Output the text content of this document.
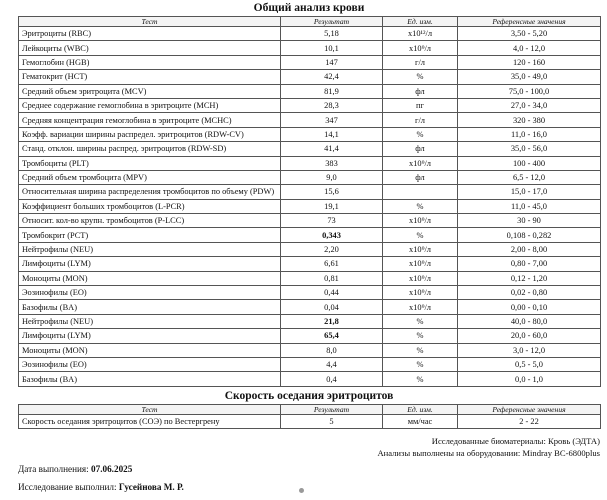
Общий анализ крови
Тест	Результат	Ед. изм.	Референсные значения
Эритроциты (RBC)	5,18	x10¹²/л	3,50 - 5,20
Лейкоциты (WBC)	10,1	x10⁹/л	4,0 - 12,0
Гемоглобин (HGB)	147	г/л	120 - 160
Гематокрит (HCT)	42,4	%	35,0 - 49,0
Средний объем эритроцита (MCV)	81,9	фл	75,0 - 100,0
Среднее содержание гемоглобина в эритроците (MCH)	28,3	пг	27,0 - 34,0
Средняя концентрация гемоглобина в эритроците (MCHC)	347	г/л	320 - 380
Коэфф. вариации ширины распредел. эритроцитов (RDW-CV)	14,1	%	11,0 - 16,0
Станд. отклон. ширины распред. эритроцитов (RDW-SD)	41,4	фл	35,0 - 56,0
Тромбоциты (PLT)	383	x10⁹/л	100 - 400
Средний объем тромбоцита (MPV)	9,0	фл	6,5 - 12,0
Относительная ширина распределения тромбоцитов по объему (PDW)	15,6		15,0 - 17,0
Коэффициент больших тромбоцитов (L-PCR)	19,1	%	11,0 - 45,0
Относит. кол-во крупн. тромбоцитов (P-LCC)	73	x10⁹/л	30 - 90
Тромбокрит (PCT)	0,343	%	0,108 - 0,282
Нейтрофилы (NEU)	2,20	x10⁹/л	2,00 - 8,00
Лимфоциты (LYM)	6,61	x10⁹/л	0,80 - 7,00
Моноциты (MON)	0,81	x10⁹/л	0,12 - 1,20
Эозинофилы (EO)	0,44	x10⁹/л	0,02 - 0,80
Базофилы (BA)	0,04	x10⁹/л	0,00 - 0,10
Нейтрофилы (NEU)	21,8	%	40,0 - 80,0
Лимфоциты (LYM)	65,4	%	20,0 - 60,0
Моноциты (MON)	8,0	%	3,0 - 12,0
Эозинофилы (EO)	4,4	%	0,5 - 5,0
Базофилы (BA)	0,4	%	0,0 - 1,0
Скорость оседания эритроцитов
Тест	Результат	Ед. изм.	Референсные значения
Скорость оседания эритроцитов (СОЭ) по Вестергрену	5	мм/час	2 - 22
Исследованные биоматериалы: Кровь (ЭДТА)
Анализы выполнены на оборудовании: Mindray BC-6800plus
Дата выполнения: 07.06.2025
Исследование выполнил: Гусейнова М. Р.
